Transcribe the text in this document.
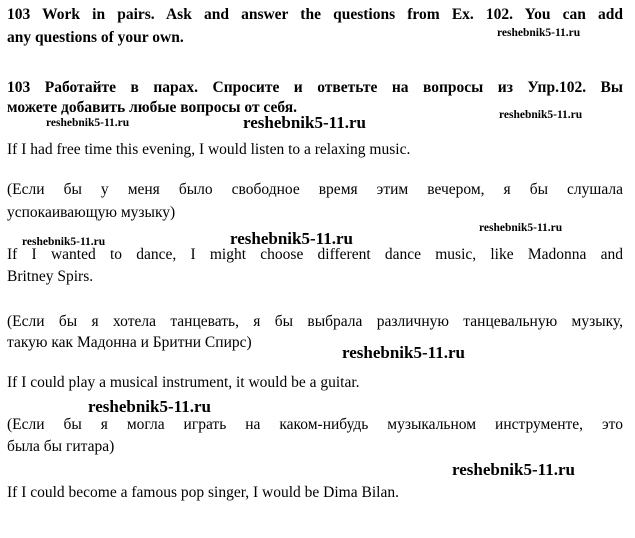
103 Work in pairs. Ask and answer the questions from Ex. 102. You can add

any questions of your own.

103 Работайте в парах. Спросите и ответьте на вопросы из Упр.102. Вы

можете добавить любые вопросы от себя.

If I had free time this evening, I would listen to a relaxing music.

(Если бы у меня было свободное время этим вечером, я бы слушала

успокаивающую музыку)

If I wanted to dance, I might choose different dance music, like Madonna and

Britney Spirs.

(Если бы я хотела танцевать, я бы выбрала различную танцевальную музыку,

такую как Мадонна и Бритни Спирс)

If I could play a musical instrument, it would be a guitar.

(Если бы я могла играть на каком-нибудь музыкальном инструменте, это

была бы гитара)

If I could become a famous pop singer, I would be Dima Bilan.

reshebnik5-11.ru
reshebnik5-11.ru	reshebnik5-11.ru	reshebnik5-11.ru
reshebnik5-11.ru
reshebnik5-11.ru	reshebnik5-11.ru
reshebnik5-11.ru
reshebnik5-11.ru
reshebnik5-11.ru
